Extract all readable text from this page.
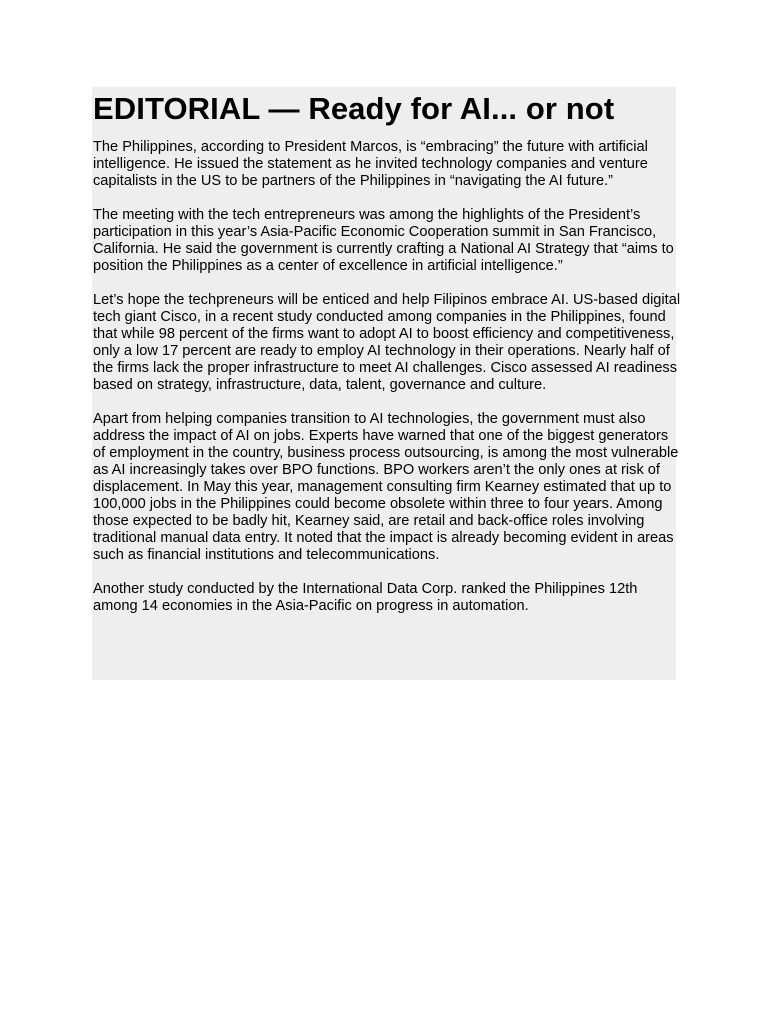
EDITORIAL — Ready for AI... or not

The Philippines, according to President Marcos, is “embracing” the future with artificial intelligence. He issued the statement as he invited technology companies and venture capitalists in the US to be partners of the Philippines in “navigating the AI future.”

The meeting with the tech entrepreneurs was among the highlights of the President’s participation in this year’s Asia-Pacific Economic Cooperation summit in San Francisco, California. He said the government is currently crafting a National AI Strategy that “aims to position the Philippines as a center of excellence in artificial intelligence.”

Let’s hope the techpreneurs will be enticed and help Filipinos embrace AI. US-based digital tech giant Cisco, in a recent study conducted among companies in the Philippines, found that while 98 percent of the firms want to adopt AI to boost efficiency and competitiveness, only a low 17 percent are ready to employ AI technology in their operations. Nearly half of the firms lack the proper infrastructure to meet AI challenges. Cisco assessed AI readiness based on strategy, infrastructure, data, talent, governance and culture.

Apart from helping companies transition to AI technologies, the government must also address the impact of AI on jobs. Experts have warned that one of the biggest generators of employment in the country, business process outsourcing, is among the most vulnerable as AI increasingly takes over BPO functions. BPO workers aren’t the only ones at risk of displacement. In May this year, management consulting firm Kearney estimated that up to 100,000 jobs in the Philippines could become obsolete within three to four years. Among those expected to be badly hit, Kearney said, are retail and back-office roles involving traditional manual data entry. It noted that the impact is already becoming evident in areas such as financial institutions and telecommunications.

Another study conducted by the International Data Corp. ranked the Philippines 12th among 14 economies in the Asia-Pacific on progress in automation.
